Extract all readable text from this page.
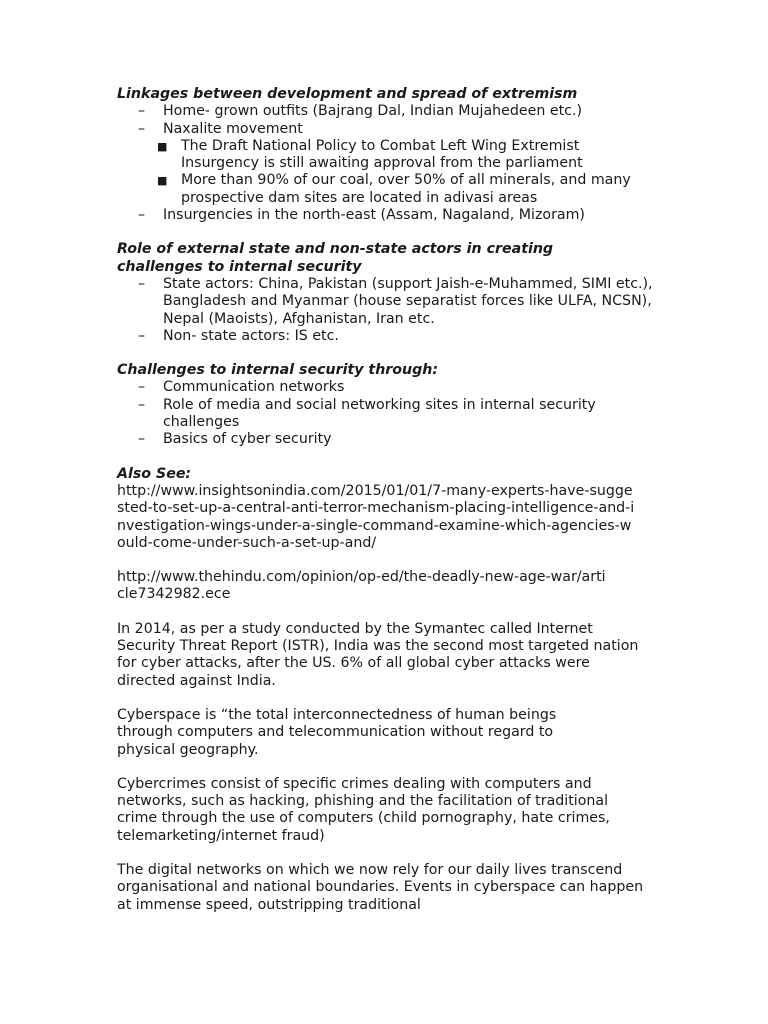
Linkages between development and spread of extremism
– Home- grown outfits (Bajrang Dal, Indian Mujahedeen etc.)
– Naxalite movement
■ The Draft National Policy to Combat Left Wing Extremist Insurgency is still awaiting approval from the parliament
■ More than 90% of our coal, over 50% of all minerals, and many prospective dam sites are located in adivasi areas
– Insurgencies in the north-east (Assam, Nagaland, Mizoram)
Role of external state and non-state actors in creating challenges to internal security
– State actors: China, Pakistan (support Jaish-e-Muhammed, SIMI etc.), Bangladesh and Myanmar (house separatist forces like ULFA, NCSN), Nepal (Maoists), Afghanistan, Iran etc.
– Non- state actors: IS etc.
Challenges to internal security through:
– Communication networks
– Role of media and social networking sites in internal security challenges
– Basics of cyber security
Also See:
http://www.insightsonindia.com/2015/01/01/7-many-experts-have-suggested-to-set-up-a-central-anti-terror-mechanism-placing-intelligence-and-investigation-wings-under-a-single-command-examine-which-agencies-would-come-under-such-a-set-up-and/
http://www.thehindu.com/opinion/op-ed/the-deadly-new-age-war/article7342982.ece
In 2014, as per a study conducted by the Symantec called Internet Security Threat Report (ISTR), India was the second most targeted nation for cyber attacks, after the US. 6% of all global cyber attacks were directed against India.
Cyberspace is “the total interconnectedness of human beings through computers and telecommunication without regard to physical geography.
Cybercrimes consist of specific crimes dealing with computers and networks, such as hacking, phishing and the facilitation of traditional crime through the use of computers (child pornography, hate crimes, telemarketing/internet fraud)
The digital networks on which we now rely for our daily lives transcend organisational and national boundaries. Events in cyberspace can happen at immense speed, outstripping traditional
